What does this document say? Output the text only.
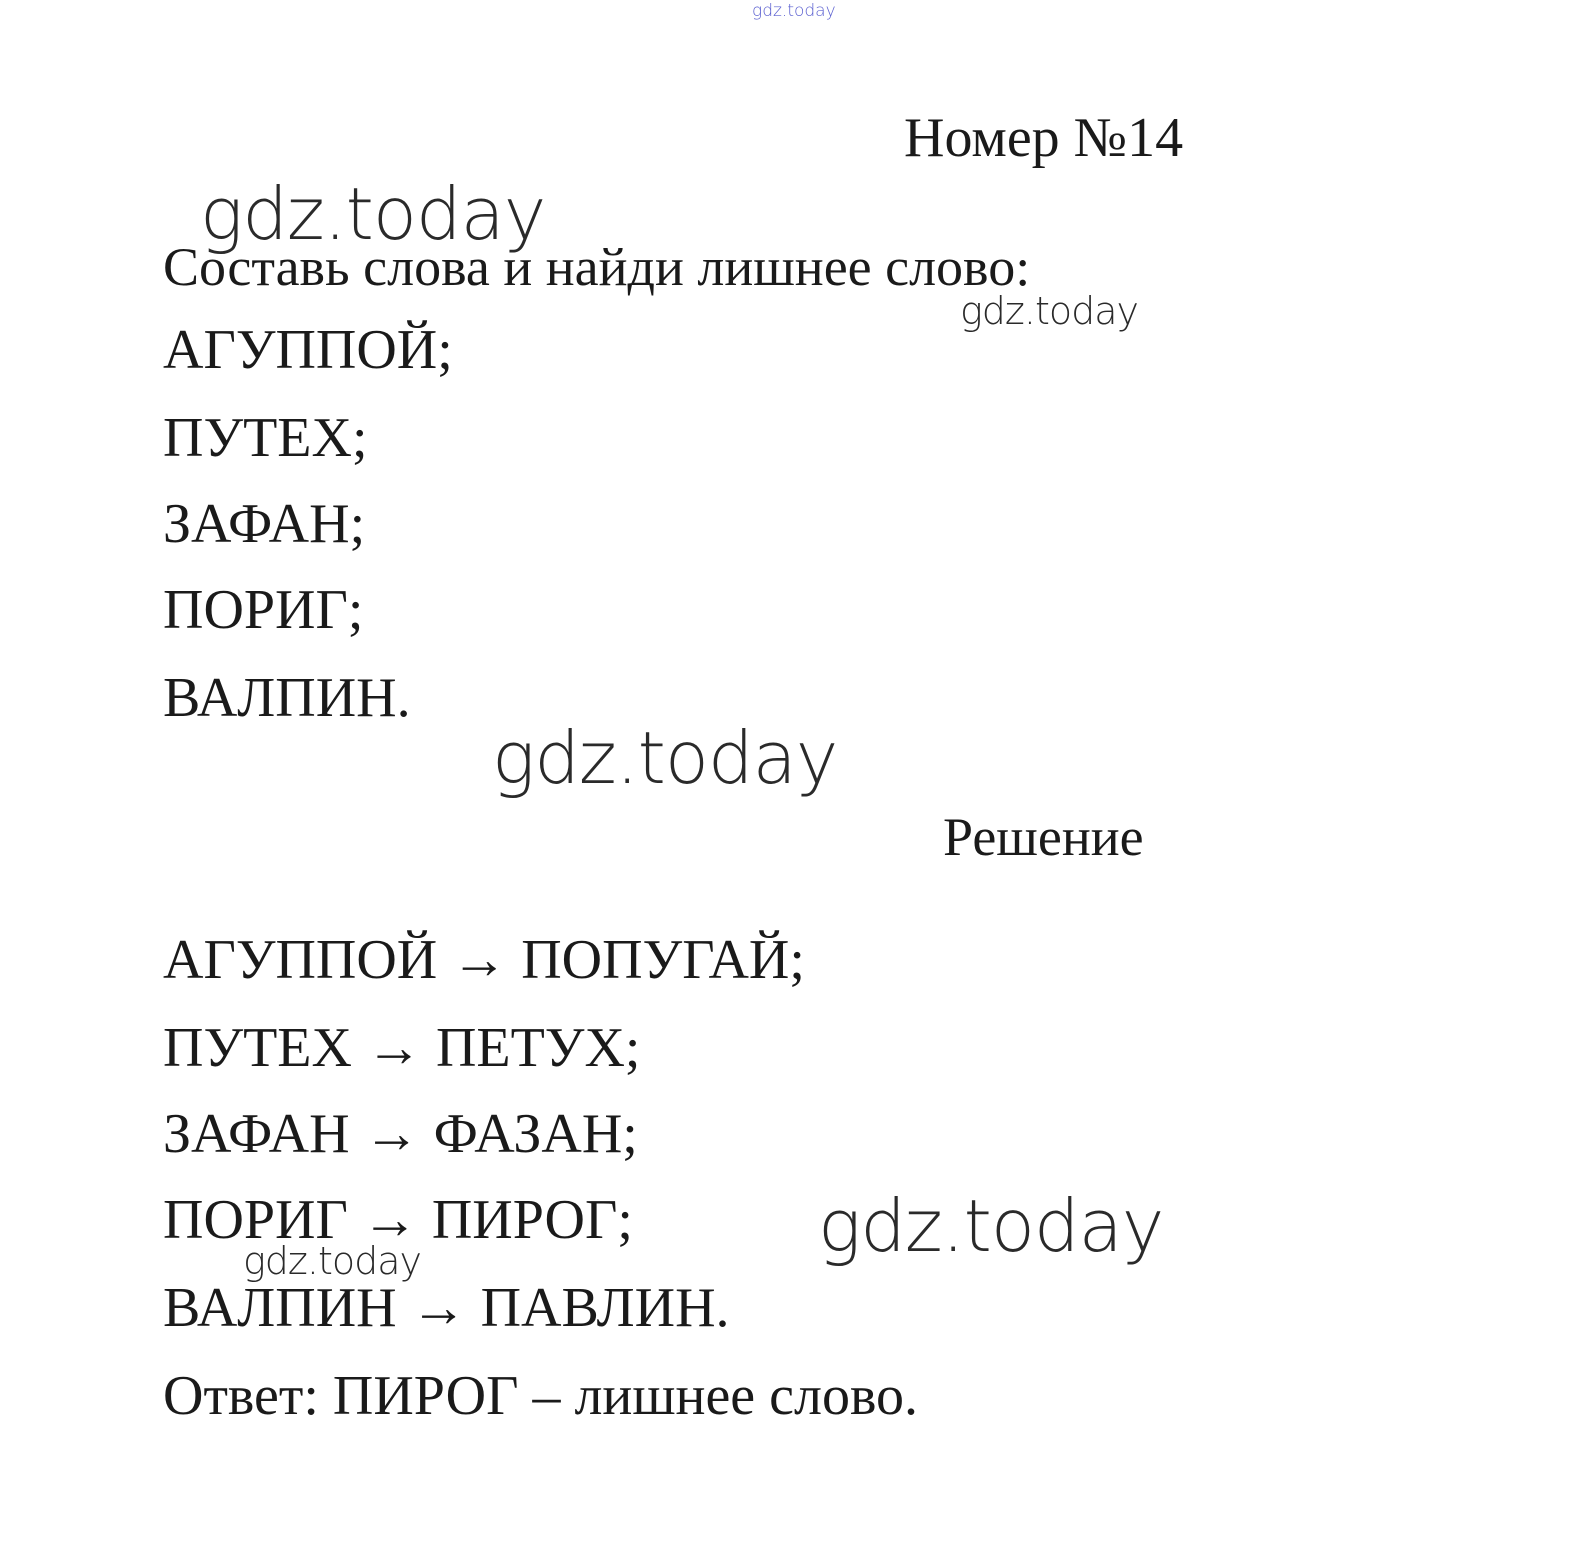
gdz.today
Номер №14
gdz.today
Составь слова и найди лишнее слово:
gdz.today
АГУППОЙ;
ПУТЕХ;
ЗАФАН;
ПОРИГ;
ВАЛПИН.
gdz.today
Решение
АГУППОЙ → ПОПУГАЙ;
ПУТЕХ → ПЕТУХ;
ЗАФАН → ФАЗАН;
ПОРИГ → ПИРОГ;	gdz.today
gdz.today
ВАЛПИН → ПАВЛИН.
Ответ: ПИРОГ – лишнее слово.
